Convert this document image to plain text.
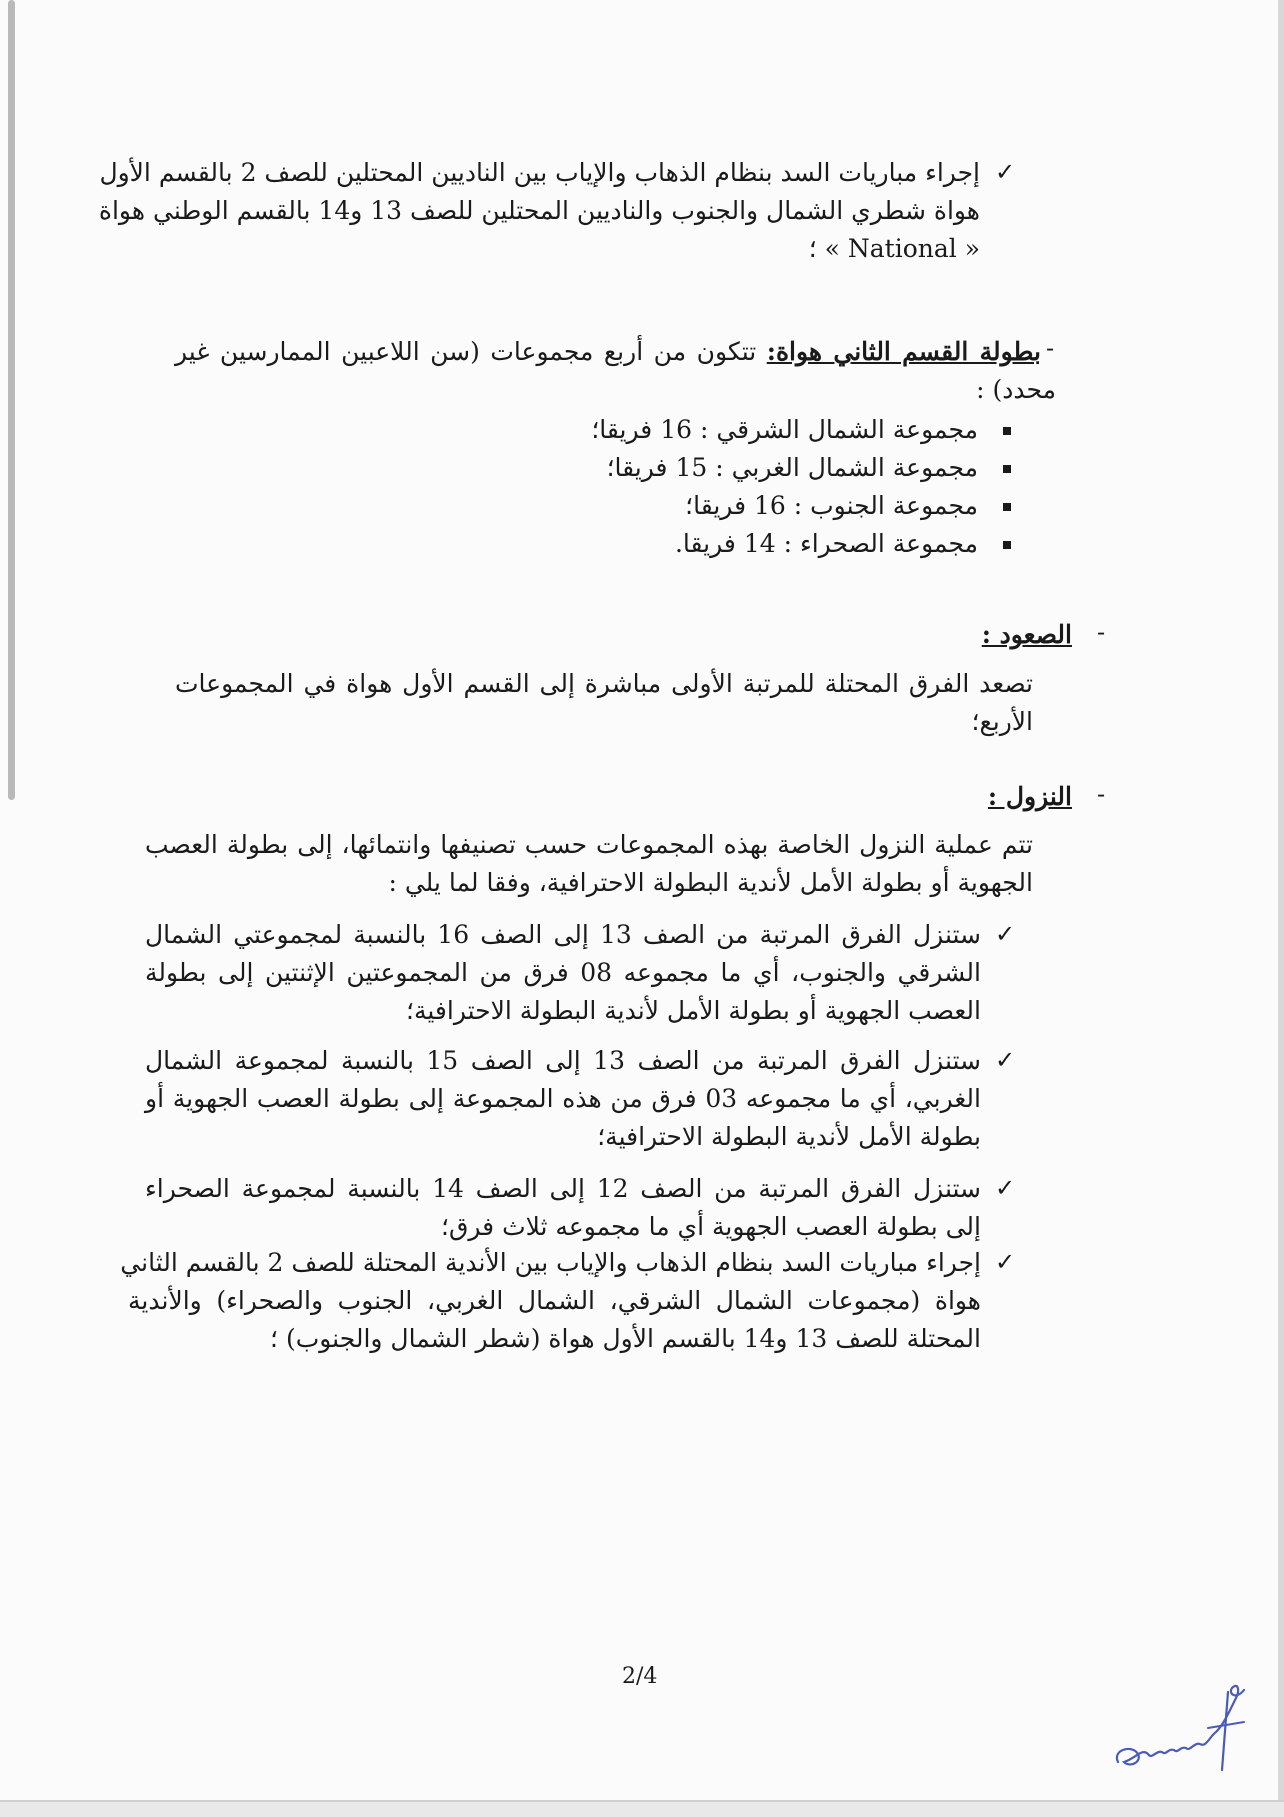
✓
إجراء مباريات السد بنظام الذهاب والإياب بين الناديين المحتلين للصف 2 بالقسم الأول
هواة شطري الشمال والجنوب والناديين المحتلين للصف 13 و14 بالقسم الوطني هواة
« National » ؛
-
بطولة القسم الثاني هواة: تتكون من أربع مجموعات (سن اللاعبين الممارسين غير
محدد) :
مجموعة الشمال الشرقي : 16 فريقا؛
مجموعة الشمال الغربي : 15 فريقا؛
مجموعة الجنوب : 16 فريقا؛
مجموعة الصحراء : 14 فريقا.
-
الصعود :
تصعد الفرق المحتلة للمرتبة الأولى مباشرة إلى القسم الأول هواة في المجموعات
الأربع؛
-
النزول :
تتم عملية النزول الخاصة بهذه المجموعات حسب تصنيفها وانتمائها، إلى بطولة العصب
الجهوية أو بطولة الأمل لأندية البطولة الاحترافية، وفقا لما يلي :
✓
ستنزل الفرق المرتبة من الصف 13 إلى الصف 16 بالنسبة لمجموعتي الشمال
الشرقي والجنوب، أي ما مجموعه 08 فرق من المجموعتين الإثنتين إلى بطولة
العصب الجهوية أو بطولة الأمل لأندية البطولة الاحترافية؛
✓
ستنزل الفرق المرتبة من الصف 13 إلى الصف 15 بالنسبة لمجموعة الشمال
الغربي، أي ما مجموعه 03 فرق من هذه المجموعة إلى بطولة العصب الجهوية أو
بطولة الأمل لأندية البطولة الاحترافية؛
✓
ستنزل الفرق المرتبة من الصف 12 إلى الصف 14 بالنسبة لمجموعة الصحراء
إلى بطولة العصب الجهوية أي ما مجموعه ثلاث فرق؛
✓
إجراء مباريات السد بنظام الذهاب والإياب بين الأندية المحتلة للصف 2 بالقسم الثاني
هواة (مجموعات الشمال الشرقي، الشمال الغربي، الجنوب والصحراء) والأندية
المحتلة للصف 13 و14 بالقسم الأول هواة (شطر الشمال والجنوب) ؛
2/4
